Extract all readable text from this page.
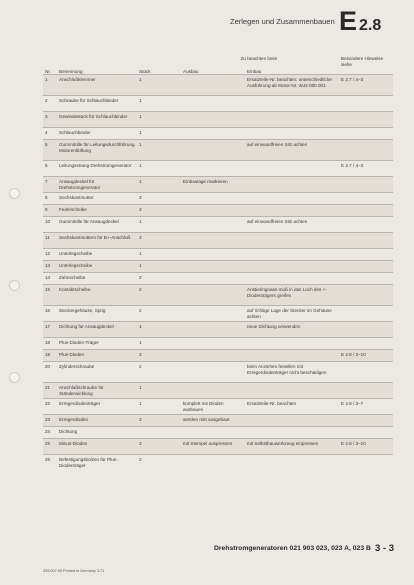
Zerlegen und Zusammenbauen E 2.8
			Zu beachten beim		Besondere Hinweise siehe
Nr.	Benennung	Stück	Ausbau	Einbau	
1	Anschlußklemmer	1		Ersatzteile-Nr. beachten: unterschiedliche Ausführung ab Motor-Nr. WJ2 000 001	E 2.7 / 4–3
2	Schraube für Schlauchbinder	1			
3	Gewindestück für Schlauchbinder	1			
4	Schlauchbinder	1			
5	Gummitülle für Leitungsdurchführung Motorentlüftung	1		auf einwandfreien Sitz achten	
6	Leitungsstrang Drehstromgenerator	1			E 2.7 / 4–3
7	Ansaugdeckel für Drehstromgenerator	1	Einbaulage markieren		
8	Sechskantmutter	3			
9	Federscheibe	3			
10	Gummitülle für Ansaugdeckel	1		auf einwandfreien Sitz achten	
11	Sechskantmuttern für B+-Anschluß	3			
12	Unterlegscheibe	1			
13	Unterlegscheibe	1			
14	Zahnscheibe	2			
15	Kontaktscheibe	2		Anstieringnase muß in das Loch des +-Diodenträgers greifen	
16	Steckergehäuse, Sprig	2		auf richtige Lage der Stecker im Gehäuse achten	
17	Dichtung für Ansaugdeckel	1		neue Dichtung verwenden	
18	Plus-Dioden-Träger	1			
19	Plus-Dioden	3			E 2.8 / 3–10
20	Zylinderschraube	2		beim Anziehen festellen mit Erregerdiodenträger nicht beschädigen	
21	Anschlußschraube für Ständerwicklung	1			
22	Erregerdiodenträger	1	komplett mit Dioden ausbauen	Ersatzteile-Nr. beachten	E 2.8 / 3–7
23	Erregerdioden	3	werden mitt ausgebaut		
24	Dichtung				
25	Minus-Dioden	3	mit Stempel auspressen	mit Selbstbauwerkzeug einpressen	E 2.8 / 3–10
26	Befestigungsbolzen für Plus-Diodenträger	2			
Drehstromgeneratoren 021 903 023, 023 A, 023 B 3 - 3
339.007.00 Printed in Germany 3.71
